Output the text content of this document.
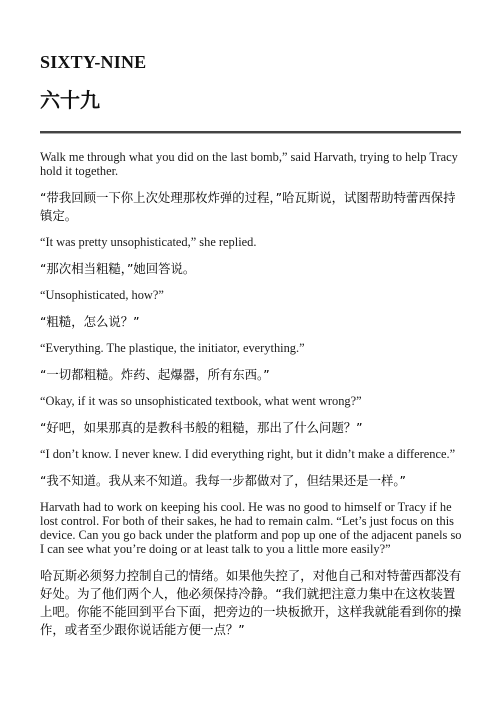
SIXTY-NINE
六十九

Walk me through what you did on the last bomb,” said Harvath, trying to help Tracy hold it together.

“带我回顾一下你上次处理那枚炸弹的过程，”哈瓦斯说，试图帮助特蕾西保持镇定。

“It was pretty unsophisticated,” she replied.

“那次相当粗糙，”她回答说。

“Unsophisticated, how?”

“粗糙，怎么说？”

“Everything. The plastique, the initiator, everything.”

“一切都粗糙。炸药、起爆器，所有东西。”

“Okay, if it was so unsophisticated textbook, what went wrong?”

“好吧，如果那真的是教科书般的粗糙，那出了什么问题？”

“I don’t know. I never knew. I did everything right, but it didn’t make a difference.”

“我不知道。我从来不知道。我每一步都做对了，但结果还是一样。”

Harvath had to work on keeping his cool. He was no good to himself or Tracy if he lost control. For both of their sakes, he had to remain calm. “Let’s just focus on this device. Can you go back under the platform and pop up one of the adjacent panels so I can see what you’re doing or at least talk to you a little more easily?”

哈瓦斯必须努力控制自己的情绪。如果他失控了，对他自己和对特蕾西都没有好处。为了他们两个人，他必须保持冷静。“我们就把注意力集中在这枚装置上吧。你能不能回到平台下面，把旁边的一块板掀开，这样我就能看到你的操作，或者至少跟你说话能方便一点？”
